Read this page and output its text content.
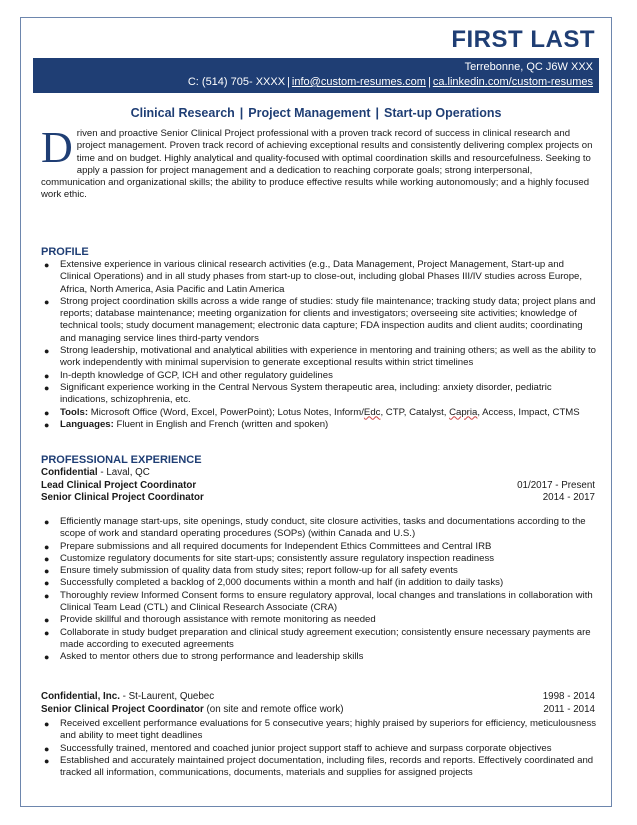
FIRST LAST
Terrebonne, QC J6W XXX
C: (514) 705- XXXX | info@custom-resumes.com | ca.linkedin.com/custom-resumes
Clinical Research | Project Management | Start-up Operations
Driven and proactive Senior Clinical Project professional with a proven track record of success in clinical research and project management. Proven track record of achieving exceptional results and consistently delivering complex projects on time and on budget. Highly analytical and quality-focused with optimal coordination skills and resourcefulness. Seeking to apply a passion for project management and a dedication to reaching corporate goals; strong interpersonal, communication and organizational skills; the ability to produce effective results while working autonomously; and a highly focused work ethic.
PROFILE
● Extensive experience in various clinical research activities (e.g., Data Management, Project Management, Start-up and Clinical Operations) and in all study phases from start-up to close-out, including global Phases III/IV studies across Europe, Africa, North America, Asia Pacific and Latin America
● Strong project coordination skills across a wide range of studies: study file maintenance; tracking study data; project plans and reports; database maintenance; meeting organization for clients and investigators; overseeing site activities; knowledge of technical tools; study document management; electronic data capture; FDA inspection audits and client audits; coordinating and managing service lines third-party vendors
● Strong leadership, motivational and analytical abilities with experience in mentoring and training others; as well as the ability to work independently with minimal supervision to generate exceptional results within strict timelines
● In-depth knowledge of GCP, ICH and other regulatory guidelines
● Significant experience working in the Central Nervous System therapeutic area, including: anxiety disorder, pediatric indications, schizophrenia, etc.
● Tools: Microsoft Office (Word, Excel, PowerPoint); Lotus Notes, Inform/Edc, CTP, Catalyst, Capria, Access, Impact, CTMS
● Languages: Fluent in English and French (written and spoken)
PROFESSIONAL EXPERIENCE
Confidential - Laval, QC
Lead Clinical Project Coordinator	01/2017 - Present
Senior Clinical Project Coordinator	2014 - 2017
● Efficiently manage start-ups, site openings, study conduct, site closure activities, tasks and documentations according to the scope of work and standard operating procedures (SOPs) (within Canada and U.S.)
● Prepare submissions and all required documents for Independent Ethics Committees and Central IRB
● Customize regulatory documents for site start-ups; consistently assure regulatory inspection readiness
● Ensure timely submission of quality data from study sites; report follow-up for all safety events
● Successfully completed a backlog of 2,000 documents within a month and half (in addition to daily tasks)
● Thoroughly review Informed Consent forms to ensure regulatory approval, local changes and translations in collaboration with Clinical Team Lead (CTL) and Clinical Research Associate (CRA)
● Provide skillful and thorough assistance with remote monitoring as needed
● Collaborate in study budget preparation and clinical study agreement execution; consistently ensure necessary payments are made according to executed agreements
● Asked to mentor others due to strong performance and leadership skills
Confidential, Inc. - St-Laurent, Quebec	1998 - 2014
Senior Clinical Project Coordinator (on site and remote office work)	2011 - 2014
● Received excellent performance evaluations for 5 consecutive years; highly praised by superiors for efficiency, meticulousness and ability to meet tight deadlines
● Successfully trained, mentored and coached junior project support staff to achieve and surpass corporate objectives
● Established and accurately maintained project documentation, including files, records and reports. Effectively coordinated and tracked all information, communications, documents, materials and supplies for assigned projects
